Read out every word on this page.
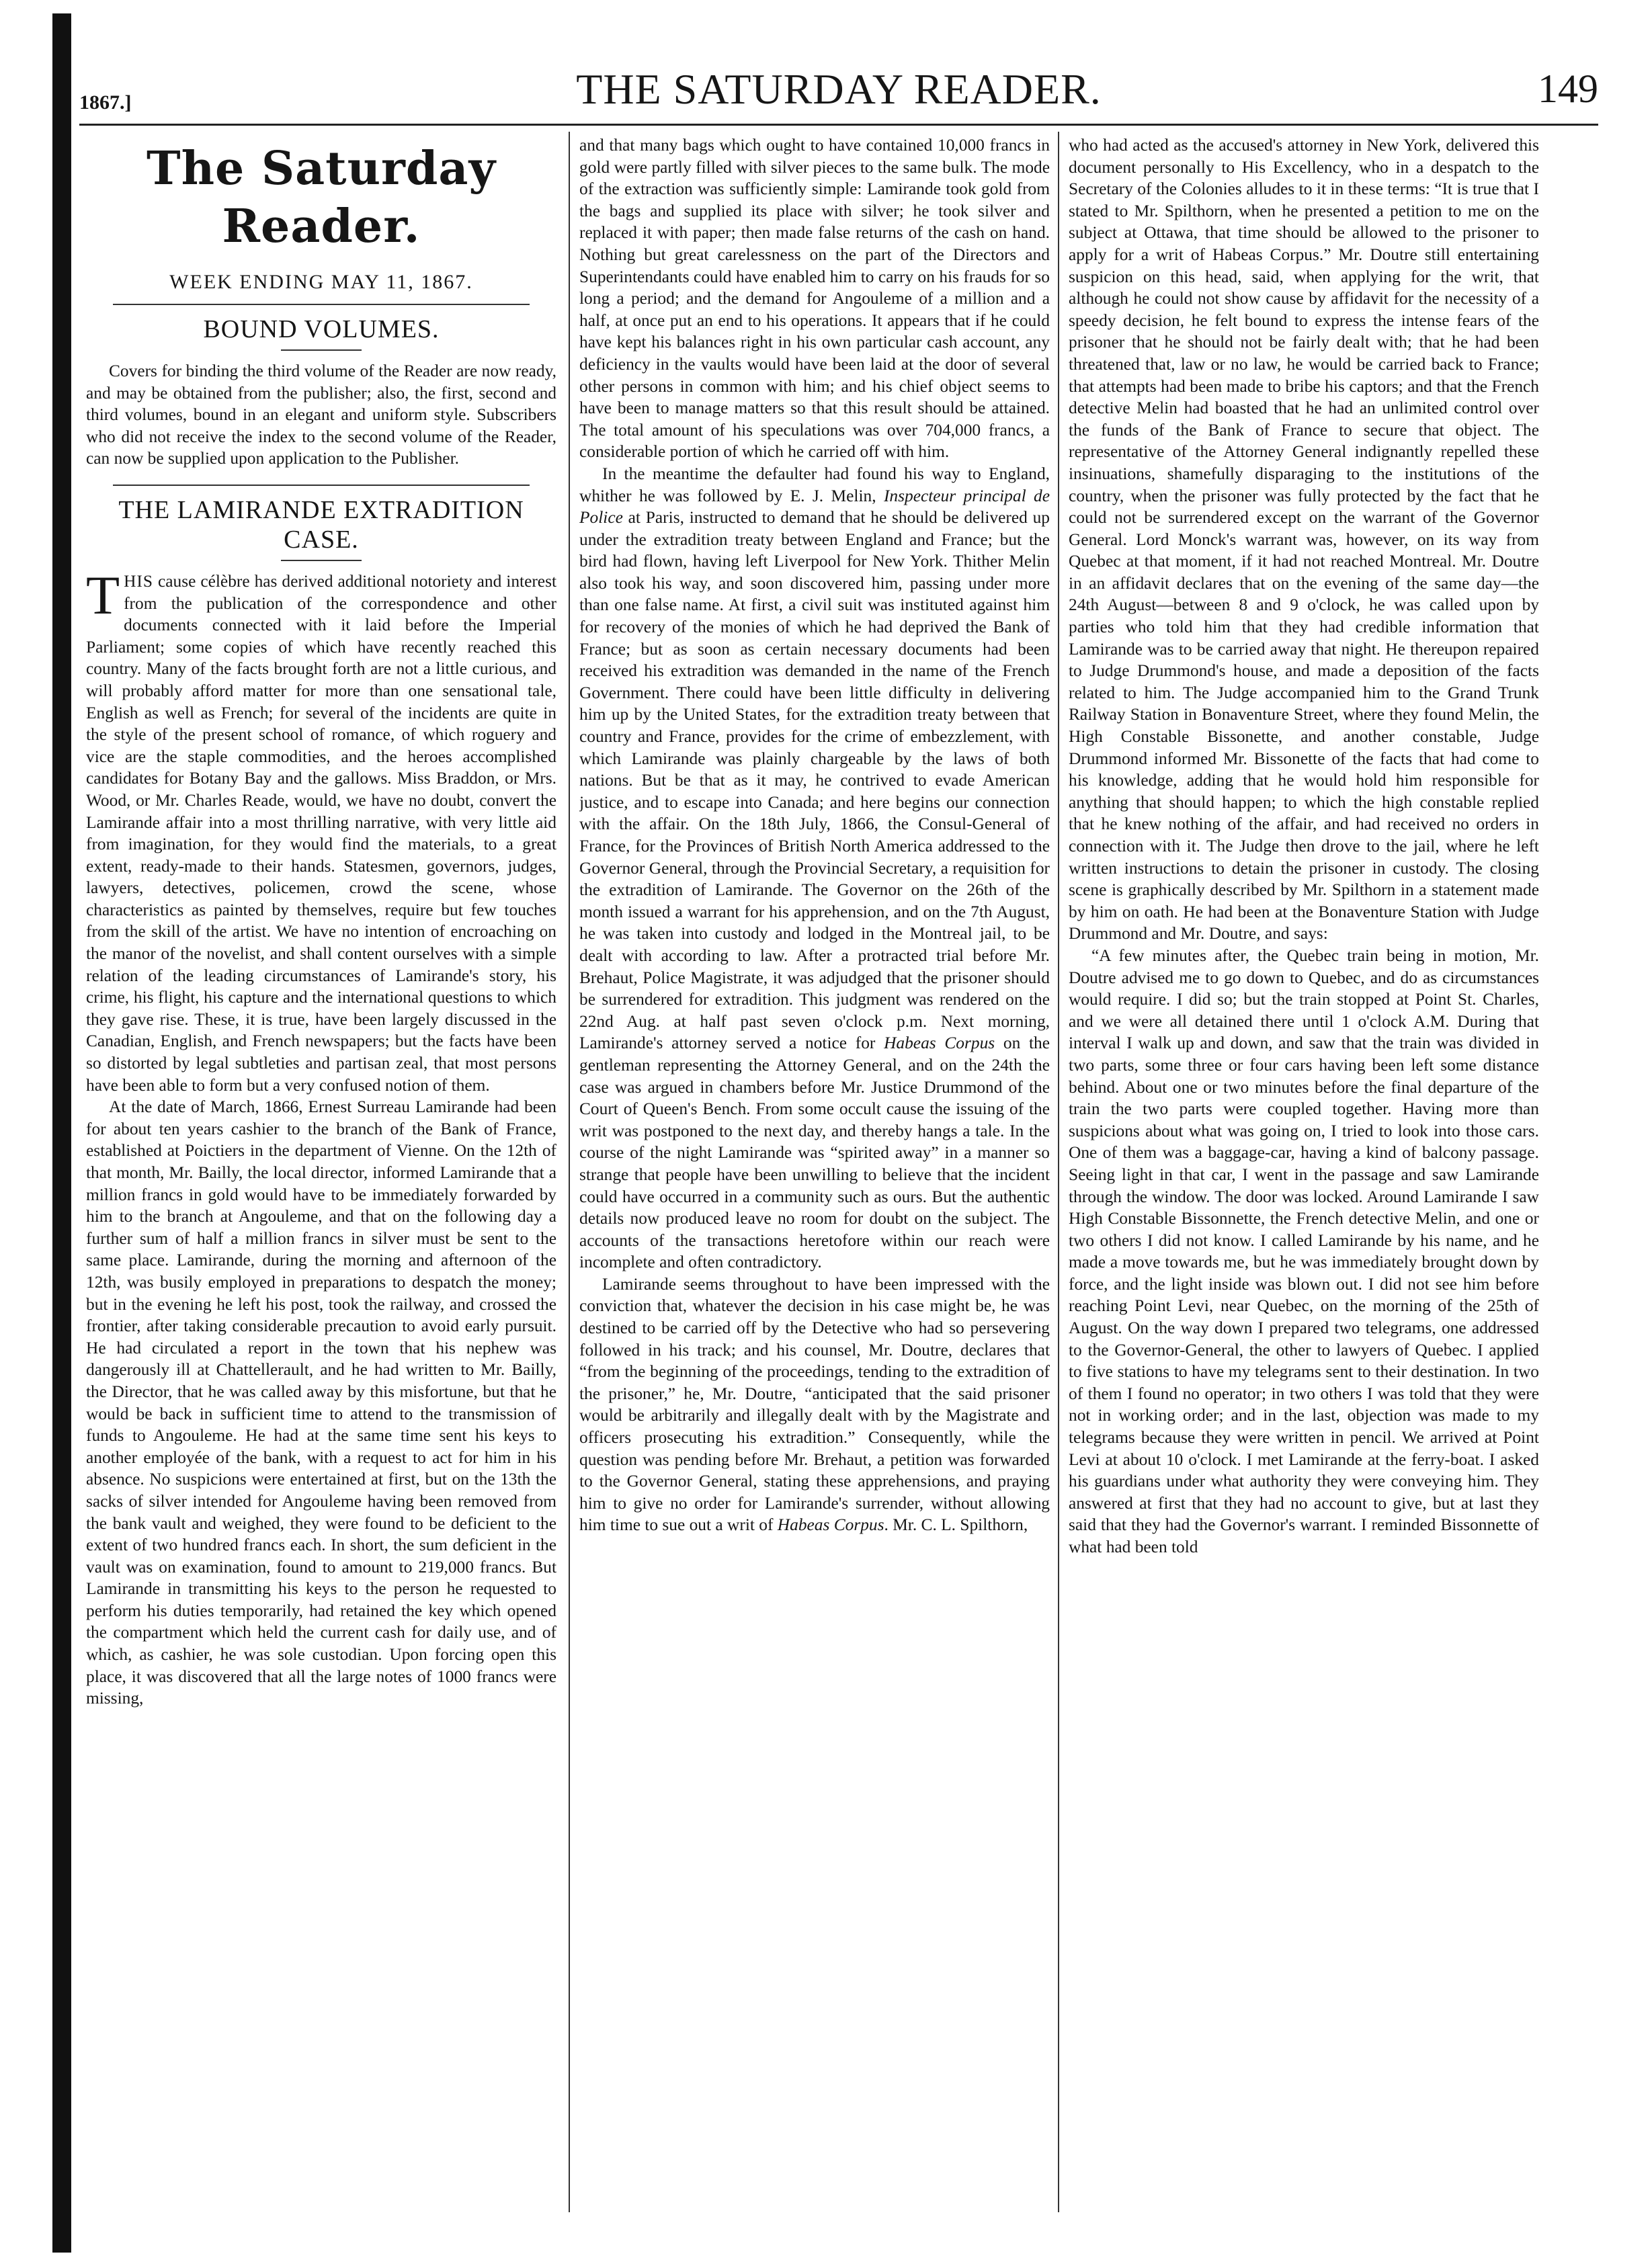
1867.]	THE SATURDAY READER.	149
The Saturday Reader.
WEEK ENDING MAY 11, 1867.
BOUND VOLUMES.

Covers for binding the third volume of the Reader are now ready, and may be obtained from the publisher; also, the first, second and third volumes, bound in an elegant and uniform style. Subscribers who did not receive the index to the second volume of the Reader, can now be supplied upon application to the Publisher.

THE LAMIRANDE EXTRADITION CASE.

THIS cause célèbre has derived additional notoriety and interest from the publication of the correspondence and other documents connected with it laid before the Imperial Parliament; some copies of which have recently reached this country. Many of the facts brought forth are not a little curious, and will probably afford matter for more than one sensational tale, English as well as French; for several of the incidents are quite in the style of the present school of romance, of which roguery and vice are the staple commodities, and the heroes accomplished candidates for Botany Bay and the gallows. Miss Braddon, or Mrs. Wood, or Mr. Charles Reade, would, we have no doubt, convert the Lamirande affair into a most thrilling narrative, with very little aid from imagination, for they would find the materials, to a great extent, ready-made to their hands. Statesmen, governors, judges, lawyers, detectives, policemen, crowd the scene, whose characteristics as painted by themselves, require but few touches from the skill of the artist. We have no intention of encroaching on the manor of the novelist, and shall content ourselves with a simple relation of the leading circumstances of Lamirande's story, his crime, his flight, his capture and the international questions to which they gave rise. These, it is true, have been largely discussed in the Canadian, English, and French newspapers; but the facts have been so distorted by legal subtleties and partisan zeal, that most persons have been able to form but a very confused notion of them.

At the date of March, 1866, Ernest Surreau Lamirande had been for about ten years cashier to the branch of the Bank of France, established at Poictiers in the department of Vienne. On the 12th of that month, Mr. Bailly, the local director, informed Lamirande that a million francs in gold would have to be immediately forwarded by him to the branch at Angouleme, and that on the following day a further sum of half a million francs in silver must be sent to the same place. Lamirande, during the morning and afternoon of the 12th, was busily employed in preparations to despatch the money; but in the evening he left his post, took the railway, and crossed the frontier, after taking considerable precaution to avoid early pursuit. He had circulated a report in the town that his nephew was dangerously ill at Chattellerault, and he had written to Mr. Bailly, the Director, that he was called away by this misfortune, but that he would be back in sufficient time to attend to the transmission of funds to Angouleme. He had at the same time sent his keys to another employée of the bank, with a request to act for him in his absence. No suspicions were entertained at first, but on the 13th the sacks of silver intended for Angouleme having been removed from the bank vault and weighed, they were found to be deficient to the extent of two hundred francs each. In short, the sum deficient in the vault was on examination, found to amount to 219,000 francs. But Lamirande in transmitting his keys to the person he requested to perform his duties temporarily, had retained the key which opened the compartment which held the current cash for daily use, and of which, as cashier, he was sole custodian. Upon forcing open this place, it was discovered that all the large notes of 1000 francs were missing,

and that many bags which ought to have contained 10,000 francs in gold were partly filled with silver pieces to the same bulk. The mode of the extraction was sufficiently simple: Lamirande took gold from the bags and supplied its place with silver; he took silver and replaced it with paper; then made false returns of the cash on hand. Nothing but great carelessness on the part of the Directors and Superintendants could have enabled him to carry on his frauds for so long a period; and the demand for Angouleme of a million and a half, at once put an end to his operations. It appears that if he could have kept his balances right in his own particular cash account, any deficiency in the vaults would have been laid at the door of several other persons in common with him; and his chief object seems to have been to manage matters so that this result should be attained. The total amount of his speculations was over 704,000 francs, a considerable portion of which he carried off with him.

In the meantime the defaulter had found his way to England, whither he was followed by E. J. Melin, Inspecteur principal de Police at Paris, instructed to demand that he should be delivered up under the extradition treaty between England and France; but the bird had flown, having left Liverpool for New York. Thither Melin also took his way, and soon discovered him, passing under more than one false name. At first, a civil suit was instituted against him for recovery of the monies of which he had deprived the Bank of France; but as soon as certain necessary documents had been received his extradition was demanded in the name of the French Government. There could have been little difficulty in delivering him up by the United States, for the extradition treaty between that country and France, provides for the crime of embezzlement, with which Lamirande was plainly chargeable by the laws of both nations. But be that as it may, he contrived to evade American justice, and to escape into Canada; and here begins our connection with the affair. On the 18th July, 1866, the Consul-General of France, for the Provinces of British North America addressed to the Governor General, through the Provincial Secretary, a requisition for the extradition of Lamirande. The Governor on the 26th of the month issued a warrant for his apprehension, and on the 7th August, he was taken into custody and lodged in the Montreal jail, to be dealt with according to law. After a protracted trial before Mr. Brehaut, Police Magistrate, it was adjudged that the prisoner should be surrendered for extradition. This judgment was rendered on the 22nd Aug. at half past seven o'clock p.m. Next morning, Lamirande's attorney served a notice for Habeas Corpus on the gentleman representing the Attorney General, and on the 24th the case was argued in chambers before Mr. Justice Drummond of the Court of Queen's Bench. From some occult cause the issuing of the writ was postponed to the next day, and thereby hangs a tale. In the course of the night Lamirande was “spirited away” in a manner so strange that people have been unwilling to believe that the incident could have occurred in a community such as ours. But the authentic details now produced leave no room for doubt on the subject. The accounts of the transactions heretofore within our reach were incomplete and often contradictory.

Lamirande seems throughout to have been impressed with the conviction that, whatever the decision in his case might be, he was destined to be carried off by the Detective who had so persevering followed in his track; and his counsel, Mr. Doutre, declares that “from the beginning of the proceedings, tending to the extradition of the prisoner,” he, Mr. Doutre, “anticipated that the said prisoner would be arbitrarily and illegally dealt with by the Magistrate and officers prosecuting his extradition.” Consequently, while the question was pending before Mr. Brehaut, a petition was forwarded to the Governor General, stating these apprehensions, and praying him to give no order for Lamirande's surrender, without allowing him time to sue out a writ of Habeas Corpus. Mr. C. L. Spilthorn,

who had acted as the accused's attorney in New York, delivered this document personally to His Excellency, who in a despatch to the Secretary of the Colonies alludes to it in these terms: “It is true that I stated to Mr. Spilthorn, when he presented a petition to me on the subject at Ottawa, that time should be allowed to the prisoner to apply for a writ of Habeas Corpus.” Mr. Doutre still entertaining suspicion on this head, said, when applying for the writ, that although he could not show cause by affidavit for the necessity of a speedy decision, he felt bound to express the intense fears of the prisoner that he should not be fairly dealt with; that he had been threatened that, law or no law, he would be carried back to France; that attempts had been made to bribe his captors; and that the French detective Melin had boasted that he had an unlimited control over the funds of the Bank of France to secure that object. The representative of the Attorney General indignantly repelled these insinuations, shamefully disparaging to the institutions of the country, when the prisoner was fully protected by the fact that he could not be surrendered except on the warrant of the Governor General. Lord Monck's warrant was, however, on its way from Quebec at that moment, if it had not reached Montreal. Mr. Doutre in an affidavit declares that on the evening of the same day—the 24th August—between 8 and 9 o'clock, he was called upon by parties who told him that they had credible information that Lamirande was to be carried away that night. He thereupon repaired to Judge Drummond's house, and made a deposition of the facts related to him. The Judge accompanied him to the Grand Trunk Railway Station in Bonaventure Street, where they found Melin, the High Constable Bissonette, and another constable, Judge Drummond informed Mr. Bissonette of the facts that had come to his knowledge, adding that he would hold him responsible for anything that should happen; to which the high constable replied that he knew nothing of the affair, and had received no orders in connection with it. The Judge then drove to the jail, where he left written instructions to detain the prisoner in custody. The closing scene is graphically described by Mr. Spilthorn in a statement made by him on oath. He had been at the Bonaventure Station with Judge Drummond and Mr. Doutre, and says:

“A few minutes after, the Quebec train being in motion, Mr. Doutre advised me to go down to Quebec, and do as circumstances would require. I did so; but the train stopped at Point St. Charles, and we were all detained there until 1 o'clock A.M. During that interval I walk up and down, and saw that the train was divided in two parts, some three or four cars having been left some distance behind. About one or two minutes before the final departure of the train the two parts were coupled together. Having more than suspicions about what was going on, I tried to look into those cars. One of them was a baggage-car, having a kind of balcony passage. Seeing light in that car, I went in the passage and saw Lamirande through the window. The door was locked. Around Lamirande I saw High Constable Bissonnette, the French detective Melin, and one or two others I did not know. I called Lamirande by his name, and he made a move towards me, but he was immediately brought down by force, and the light inside was blown out. I did not see him before reaching Point Levi, near Quebec, on the morning of the 25th of August. On the way down I prepared two telegrams, one addressed to the Governor-General, the other to lawyers of Quebec. I applied to five stations to have my telegrams sent to their destination. In two of them I found no operator; in two others I was told that they were not in working order; and in the last, objection was made to my telegrams because they were written in pencil. We arrived at Point Levi at about 10 o'clock. I met Lamirande at the ferry-boat. I asked his guardians under what authority they were conveying him. They answered at first that they had no account to give, but at last they said that they had the Governor's warrant. I reminded Bissonnette of what had been told
